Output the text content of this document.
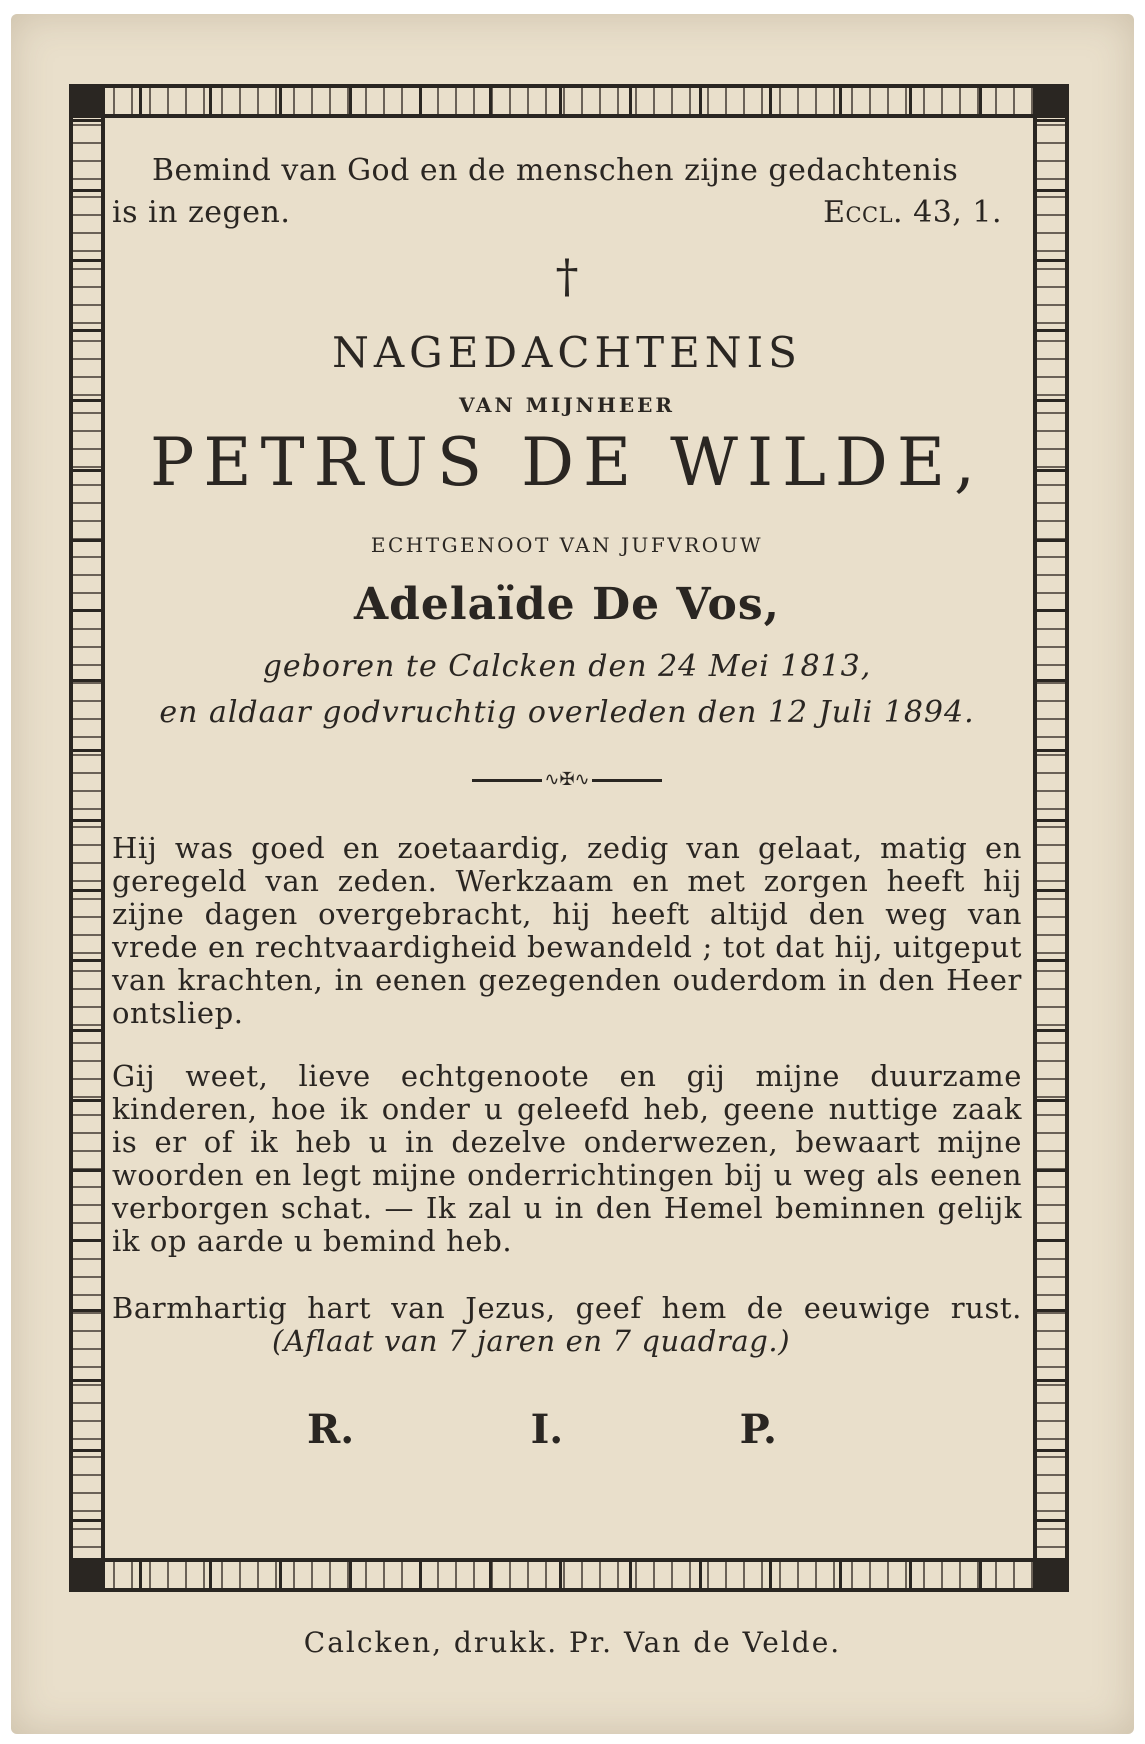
Bemind van God en de menschen zijne gedachtenis
is in zegen.	Eccl. 43, 1.
†
NAGEDACHTENIS
VAN MIJNHEER
PETRUS DE WILDE,
ECHTGENOOT VAN JUFVROUW
Adelaïde De Vos,
geboren te Calcken den 24 Mei 1813,
en aldaar godvruchtig overleden den 12 Juli 1894.
∿✠∿
Hij was goed en zoetaardig, zedig van gelaat, matig en geregeld van zeden. Werkzaam en met zorgen heeft hij zijne dagen overgebracht, hij heeft altijd den weg van vrede en rechtvaardigheid bewandeld ; tot dat hij, uitgeput van krachten, in eenen gezegenden ouderdom in den Heer ontsliep.
Gij weet, lieve echtgenoote en gij mijne duurzame kinderen, hoe ik onder u geleefd heb, geene nuttige zaak is er of ik heb u in dezelve onderwezen, bewaart mijne woorden en legt mijne onderrichtingen bij u weg als eenen verborgen schat. — Ik zal u in den Hemel beminnen gelijk ik op aarde u bemind heb.
Barmhartig hart van Jezus, geef hem de eeuwige rust. (Aflaat van 7 jaren en 7 quadrag.)
R.	I.	P.
Calcken, drukk. Pr. Van de Velde.
